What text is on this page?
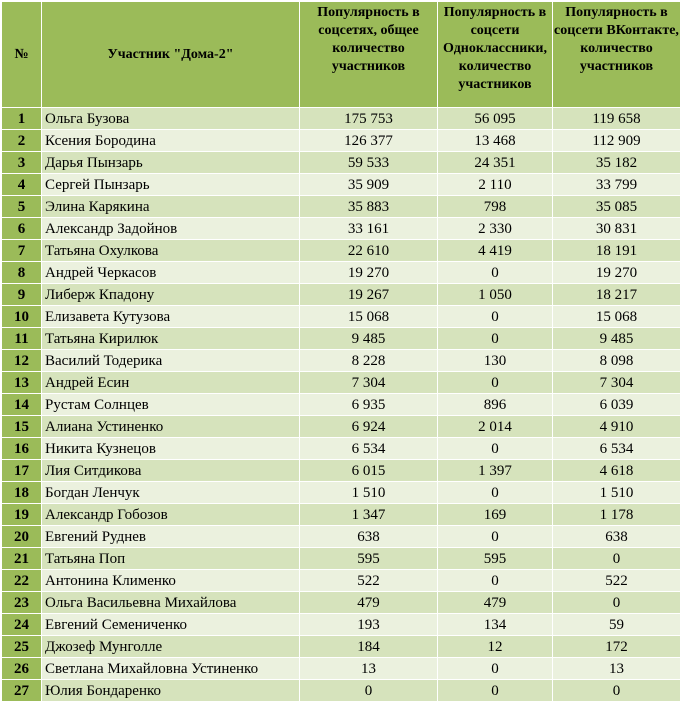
№	Участник "Дома-2"	Популярность в соцсетях, общее количество участников	Популярность в соцсети Одноклассники, количество участников	Популярность в соцсети ВКонтакте, количество участников
1	Ольга Бузова	175 753	56 095	119 658
2	Ксения Бородина	126 377	13 468	112 909
3	Дарья Пынзарь	59 533	24 351	35 182
4	Сергей Пынзарь	35 909	2 110	33 799
5	Элина Карякина	35 883	798	35 085
6	Александр Задойнов	33 161	2 330	30 831
7	Татьяна Охулкова	22 610	4 419	18 191
8	Андрей Черкасов	19 270	0	19 270
9	Либерж Кпадону	19 267	1 050	18 217
10	Елизавета Кутузова	15 068	0	15 068
11	Татьяна Кирилюк	9 485	0	9 485
12	Василий Тодерика	8 228	130	8 098
13	Андрей Есин	7 304	0	7 304
14	Рустам Солнцев	6 935	896	6 039
15	Алиана Устиненко	6 924	2 014	4 910
16	Никита Кузнецов	6 534	0	6 534
17	Лия Ситдикова	6 015	1 397	4 618
18	Богдан Ленчук	1 510	0	1 510
19	Александр Гобозов	1 347	169	1 178
20	Евгений Руднев	638	0	638
21	Татьяна Поп	595	595	0
22	Антонина Клименко	522	0	522
23	Ольга Васильевна Михайлова	479	479	0
24	Евгений Семениченко	193	134	59
25	Джозеф Мунголле	184	12	172
26	Светлана Михайловна Устиненко	13	0	13
27	Юлия Бондаренко	0	0	0
